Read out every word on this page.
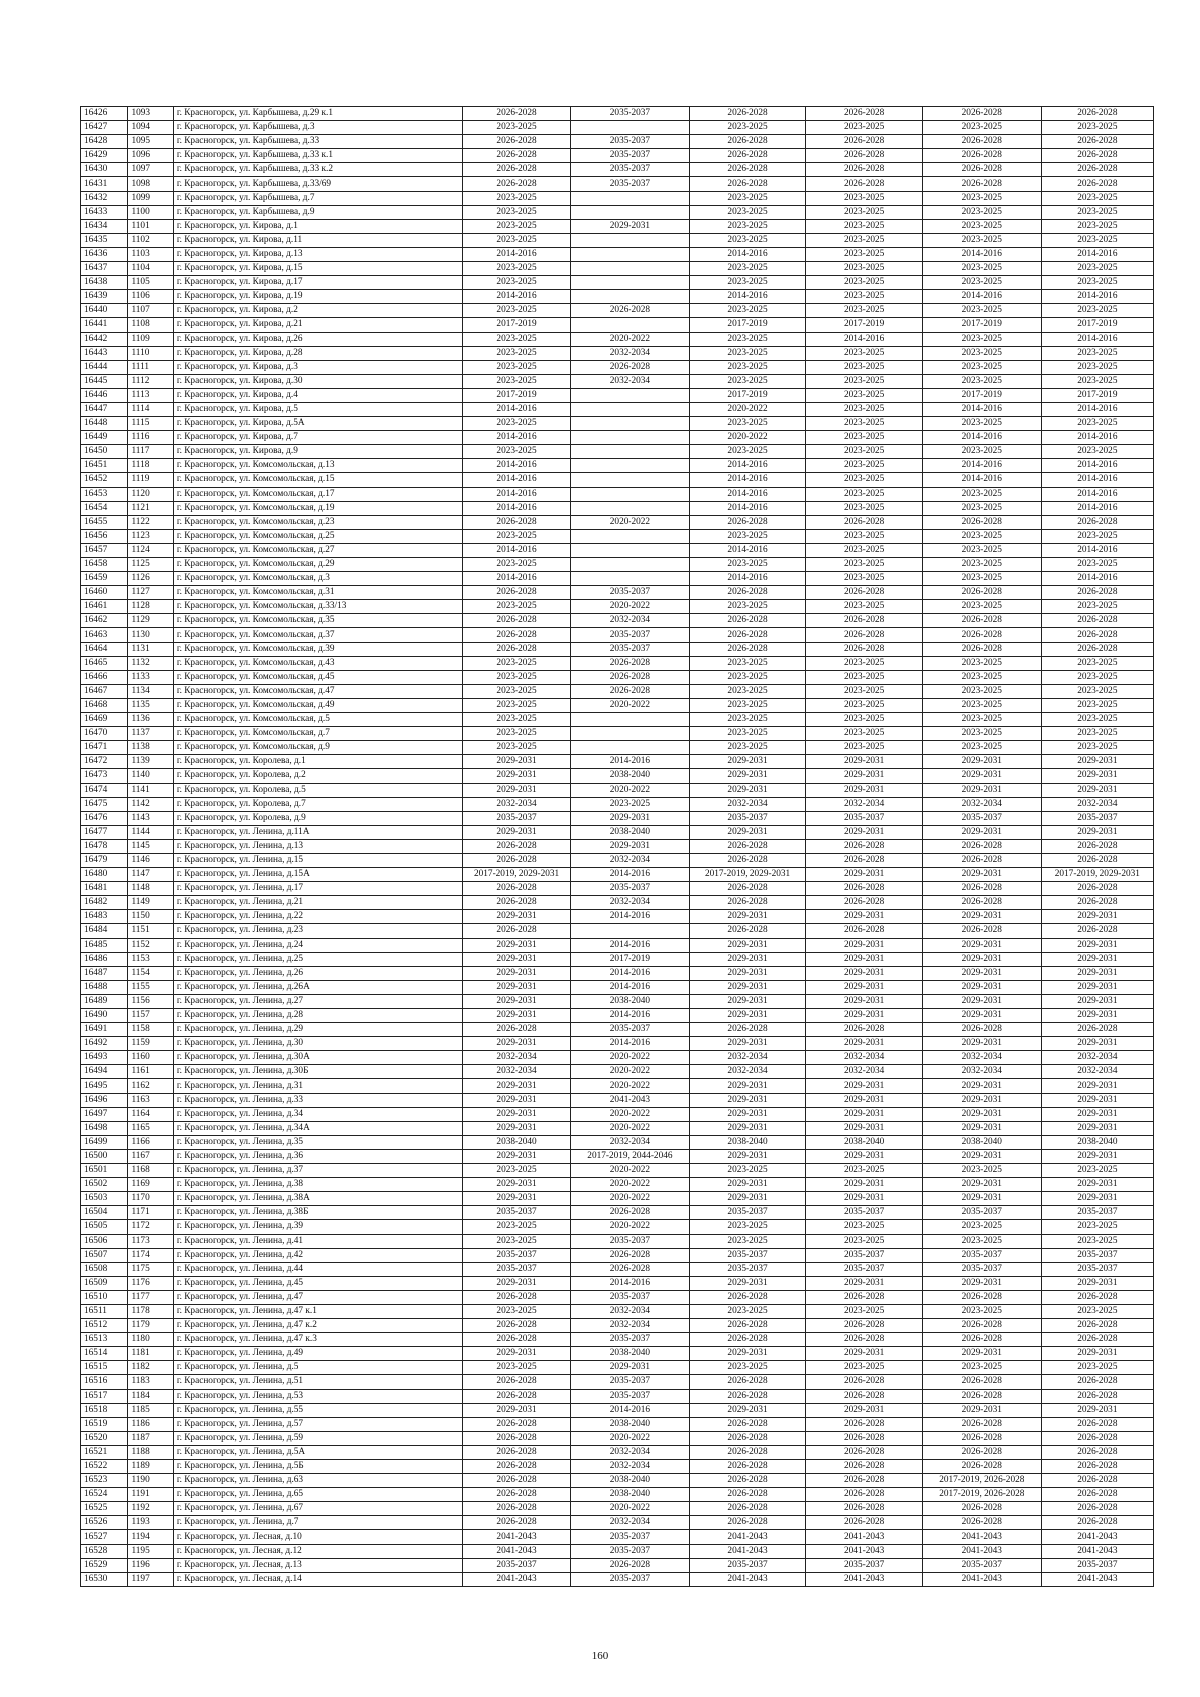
16426	1093	г. Красногорск, ул. Карбышева, д.29 к.1	2026-2028	2035-2037	2026-2028	2026-2028	2026-2028	2026-2028
16427	1094	г. Красногорск, ул. Карбышева, д.3	2023-2025		2023-2025	2023-2025	2023-2025	2023-2025
16428	1095	г. Красногорск, ул. Карбышева, д.33	2026-2028	2035-2037	2026-2028	2026-2028	2026-2028	2026-2028
16429	1096	г. Красногорск, ул. Карбышева, д.33 к.1	2026-2028	2035-2037	2026-2028	2026-2028	2026-2028	2026-2028
16430	1097	г. Красногорск, ул. Карбышева, д.33 к.2	2026-2028	2035-2037	2026-2028	2026-2028	2026-2028	2026-2028
16431	1098	г. Красногорск, ул. Карбышева, д.33/69	2026-2028	2035-2037	2026-2028	2026-2028	2026-2028	2026-2028
16432	1099	г. Красногорск, ул. Карбышева, д.7	2023-2025		2023-2025	2023-2025	2023-2025	2023-2025
16433	1100	г. Красногорск, ул. Карбышева, д.9	2023-2025		2023-2025	2023-2025	2023-2025	2023-2025
16434	1101	г. Красногорск, ул. Кирова, д.1	2023-2025	2029-2031	2023-2025	2023-2025	2023-2025	2023-2025
16435	1102	г. Красногорск, ул. Кирова, д.11	2023-2025		2023-2025	2023-2025	2023-2025	2023-2025
16436	1103	г. Красногорск, ул. Кирова, д.13	2014-2016		2014-2016	2023-2025	2014-2016	2014-2016
16437	1104	г. Красногорск, ул. Кирова, д.15	2023-2025		2023-2025	2023-2025	2023-2025	2023-2025
16438	1105	г. Красногорск, ул. Кирова, д.17	2023-2025		2023-2025	2023-2025	2023-2025	2023-2025
16439	1106	г. Красногорск, ул. Кирова, д.19	2014-2016		2014-2016	2023-2025	2014-2016	2014-2016
16440	1107	г. Красногорск, ул. Кирова, д.2	2023-2025	2026-2028	2023-2025	2023-2025	2023-2025	2023-2025
16441	1108	г. Красногорск, ул. Кирова, д.21	2017-2019		2017-2019	2017-2019	2017-2019	2017-2019
16442	1109	г. Красногорск, ул. Кирова, д.26	2023-2025	2020-2022	2023-2025	2014-2016	2023-2025	2014-2016
16443	1110	г. Красногорск, ул. Кирова, д.28	2023-2025	2032-2034	2023-2025	2023-2025	2023-2025	2023-2025
16444	1111	г. Красногорск, ул. Кирова, д.3	2023-2025	2026-2028	2023-2025	2023-2025	2023-2025	2023-2025
16445	1112	г. Красногорск, ул. Кирова, д.30	2023-2025	2032-2034	2023-2025	2023-2025	2023-2025	2023-2025
16446	1113	г. Красногорск, ул. Кирова, д.4	2017-2019		2017-2019	2023-2025	2017-2019	2017-2019
16447	1114	г. Красногорск, ул. Кирова, д.5	2014-2016		2020-2022	2023-2025	2014-2016	2014-2016
16448	1115	г. Красногорск, ул. Кирова, д.5А	2023-2025		2023-2025	2023-2025	2023-2025	2023-2025
16449	1116	г. Красногорск, ул. Кирова, д.7	2014-2016		2020-2022	2023-2025	2014-2016	2014-2016
16450	1117	г. Красногорск, ул. Кирова, д.9	2023-2025		2023-2025	2023-2025	2023-2025	2023-2025
16451	1118	г. Красногорск, ул. Комсомольская, д.13	2014-2016		2014-2016	2023-2025	2014-2016	2014-2016
16452	1119	г. Красногорск, ул. Комсомольская, д.15	2014-2016		2014-2016	2023-2025	2014-2016	2014-2016
16453	1120	г. Красногорск, ул. Комсомольская, д.17	2014-2016		2014-2016	2023-2025	2023-2025	2014-2016
16454	1121	г. Красногорск, ул. Комсомольская, д.19	2014-2016		2014-2016	2023-2025	2023-2025	2014-2016
16455	1122	г. Красногорск, ул. Комсомольская, д.23	2026-2028	2020-2022	2026-2028	2026-2028	2026-2028	2026-2028
16456	1123	г. Красногорск, ул. Комсомольская, д.25	2023-2025		2023-2025	2023-2025	2023-2025	2023-2025
16457	1124	г. Красногорск, ул. Комсомольская, д.27	2014-2016		2014-2016	2023-2025	2023-2025	2014-2016
16458	1125	г. Красногорск, ул. Комсомольская, д.29	2023-2025		2023-2025	2023-2025	2023-2025	2023-2025
16459	1126	г. Красногорск, ул. Комсомольская, д.3	2014-2016		2014-2016	2023-2025	2023-2025	2014-2016
16460	1127	г. Красногорск, ул. Комсомольская, д.31	2026-2028	2035-2037	2026-2028	2026-2028	2026-2028	2026-2028
16461	1128	г. Красногорск, ул. Комсомольская, д.33/13	2023-2025	2020-2022	2023-2025	2023-2025	2023-2025	2023-2025
16462	1129	г. Красногорск, ул. Комсомольская, д.35	2026-2028	2032-2034	2026-2028	2026-2028	2026-2028	2026-2028
16463	1130	г. Красногорск, ул. Комсомольская, д.37	2026-2028	2035-2037	2026-2028	2026-2028	2026-2028	2026-2028
16464	1131	г. Красногорск, ул. Комсомольская, д.39	2026-2028	2035-2037	2026-2028	2026-2028	2026-2028	2026-2028
16465	1132	г. Красногорск, ул. Комсомольская, д.43	2023-2025	2026-2028	2023-2025	2023-2025	2023-2025	2023-2025
16466	1133	г. Красногорск, ул. Комсомольская, д.45	2023-2025	2026-2028	2023-2025	2023-2025	2023-2025	2023-2025
16467	1134	г. Красногорск, ул. Комсомольская, д.47	2023-2025	2026-2028	2023-2025	2023-2025	2023-2025	2023-2025
16468	1135	г. Красногорск, ул. Комсомольская, д.49	2023-2025	2020-2022	2023-2025	2023-2025	2023-2025	2023-2025
16469	1136	г. Красногорск, ул. Комсомольская, д.5	2023-2025		2023-2025	2023-2025	2023-2025	2023-2025
16470	1137	г. Красногорск, ул. Комсомольская, д.7	2023-2025		2023-2025	2023-2025	2023-2025	2023-2025
16471	1138	г. Красногорск, ул. Комсомольская, д.9	2023-2025		2023-2025	2023-2025	2023-2025	2023-2025
16472	1139	г. Красногорск, ул. Королева, д.1	2029-2031	2014-2016	2029-2031	2029-2031	2029-2031	2029-2031
16473	1140	г. Красногорск, ул. Королева, д.2	2029-2031	2038-2040	2029-2031	2029-2031	2029-2031	2029-2031
16474	1141	г. Красногорск, ул. Королева, д.5	2029-2031	2020-2022	2029-2031	2029-2031	2029-2031	2029-2031
16475	1142	г. Красногорск, ул. Королева, д.7	2032-2034	2023-2025	2032-2034	2032-2034	2032-2034	2032-2034
16476	1143	г. Красногорск, ул. Королева, д.9	2035-2037	2029-2031	2035-2037	2035-2037	2035-2037	2035-2037
16477	1144	г. Красногорск, ул. Ленина, д.11А	2029-2031	2038-2040	2029-2031	2029-2031	2029-2031	2029-2031
16478	1145	г. Красногорск, ул. Ленина, д.13	2026-2028	2029-2031	2026-2028	2026-2028	2026-2028	2026-2028
16479	1146	г. Красногорск, ул. Ленина, д.15	2026-2028	2032-2034	2026-2028	2026-2028	2026-2028	2026-2028
16480	1147	г. Красногорск, ул. Ленина, д.15А	2017-2019, 2029-2031	2014-2016	2017-2019, 2029-2031	2029-2031	2029-2031	2017-2019, 2029-2031
16481	1148	г. Красногорск, ул. Ленина, д.17	2026-2028	2035-2037	2026-2028	2026-2028	2026-2028	2026-2028
16482	1149	г. Красногорск, ул. Ленина, д.21	2026-2028	2032-2034	2026-2028	2026-2028	2026-2028	2026-2028
16483	1150	г. Красногорск, ул. Ленина, д.22	2029-2031	2014-2016	2029-2031	2029-2031	2029-2031	2029-2031
16484	1151	г. Красногорск, ул. Ленина, д.23	2026-2028		2026-2028	2026-2028	2026-2028	2026-2028
16485	1152	г. Красногорск, ул. Ленина, д.24	2029-2031	2014-2016	2029-2031	2029-2031	2029-2031	2029-2031
16486	1153	г. Красногорск, ул. Ленина, д.25	2029-2031	2017-2019	2029-2031	2029-2031	2029-2031	2029-2031
16487	1154	г. Красногорск, ул. Ленина, д.26	2029-2031	2014-2016	2029-2031	2029-2031	2029-2031	2029-2031
16488	1155	г. Красногорск, ул. Ленина, д.26А	2029-2031	2014-2016	2029-2031	2029-2031	2029-2031	2029-2031
16489	1156	г. Красногорск, ул. Ленина, д.27	2029-2031	2038-2040	2029-2031	2029-2031	2029-2031	2029-2031
16490	1157	г. Красногорск, ул. Ленина, д.28	2029-2031	2014-2016	2029-2031	2029-2031	2029-2031	2029-2031
16491	1158	г. Красногорск, ул. Ленина, д.29	2026-2028	2035-2037	2026-2028	2026-2028	2026-2028	2026-2028
16492	1159	г. Красногорск, ул. Ленина, д.30	2029-2031	2014-2016	2029-2031	2029-2031	2029-2031	2029-2031
16493	1160	г. Красногорск, ул. Ленина, д.30А	2032-2034	2020-2022	2032-2034	2032-2034	2032-2034	2032-2034
16494	1161	г. Красногорск, ул. Ленина, д.30Б	2032-2034	2020-2022	2032-2034	2032-2034	2032-2034	2032-2034
16495	1162	г. Красногорск, ул. Ленина, д.31	2029-2031	2020-2022	2029-2031	2029-2031	2029-2031	2029-2031
16496	1163	г. Красногорск, ул. Ленина, д.33	2029-2031	2041-2043	2029-2031	2029-2031	2029-2031	2029-2031
16497	1164	г. Красногорск, ул. Ленина, д.34	2029-2031	2020-2022	2029-2031	2029-2031	2029-2031	2029-2031
16498	1165	г. Красногорск, ул. Ленина, д.34А	2029-2031	2020-2022	2029-2031	2029-2031	2029-2031	2029-2031
16499	1166	г. Красногорск, ул. Ленина, д.35	2038-2040	2032-2034	2038-2040	2038-2040	2038-2040	2038-2040
16500	1167	г. Красногорск, ул. Ленина, д.36	2029-2031	2017-2019, 2044-2046	2029-2031	2029-2031	2029-2031	2029-2031
16501	1168	г. Красногорск, ул. Ленина, д.37	2023-2025	2020-2022	2023-2025	2023-2025	2023-2025	2023-2025
16502	1169	г. Красногорск, ул. Ленина, д.38	2029-2031	2020-2022	2029-2031	2029-2031	2029-2031	2029-2031
16503	1170	г. Красногорск, ул. Ленина, д.38А	2029-2031	2020-2022	2029-2031	2029-2031	2029-2031	2029-2031
16504	1171	г. Красногорск, ул. Ленина, д.38Б	2035-2037	2026-2028	2035-2037	2035-2037	2035-2037	2035-2037
16505	1172	г. Красногорск, ул. Ленина, д.39	2023-2025	2020-2022	2023-2025	2023-2025	2023-2025	2023-2025
16506	1173	г. Красногорск, ул. Ленина, д.41	2023-2025	2035-2037	2023-2025	2023-2025	2023-2025	2023-2025
16507	1174	г. Красногорск, ул. Ленина, д.42	2035-2037	2026-2028	2035-2037	2035-2037	2035-2037	2035-2037
16508	1175	г. Красногорск, ул. Ленина, д.44	2035-2037	2026-2028	2035-2037	2035-2037	2035-2037	2035-2037
16509	1176	г. Красногорск, ул. Ленина, д.45	2029-2031	2014-2016	2029-2031	2029-2031	2029-2031	2029-2031
16510	1177	г. Красногорск, ул. Ленина, д.47	2026-2028	2035-2037	2026-2028	2026-2028	2026-2028	2026-2028
16511	1178	г. Красногорск, ул. Ленина, д.47 к.1	2023-2025	2032-2034	2023-2025	2023-2025	2023-2025	2023-2025
16512	1179	г. Красногорск, ул. Ленина, д.47 к.2	2026-2028	2032-2034	2026-2028	2026-2028	2026-2028	2026-2028
16513	1180	г. Красногорск, ул. Ленина, д.47 к.3	2026-2028	2035-2037	2026-2028	2026-2028	2026-2028	2026-2028
16514	1181	г. Красногорск, ул. Ленина, д.49	2029-2031	2038-2040	2029-2031	2029-2031	2029-2031	2029-2031
16515	1182	г. Красногорск, ул. Ленина, д.5	2023-2025	2029-2031	2023-2025	2023-2025	2023-2025	2023-2025
16516	1183	г. Красногорск, ул. Ленина, д.51	2026-2028	2035-2037	2026-2028	2026-2028	2026-2028	2026-2028
16517	1184	г. Красногорск, ул. Ленина, д.53	2026-2028	2035-2037	2026-2028	2026-2028	2026-2028	2026-2028
16518	1185	г. Красногорск, ул. Ленина, д.55	2029-2031	2014-2016	2029-2031	2029-2031	2029-2031	2029-2031
16519	1186	г. Красногорск, ул. Ленина, д.57	2026-2028	2038-2040	2026-2028	2026-2028	2026-2028	2026-2028
16520	1187	г. Красногорск, ул. Ленина, д.59	2026-2028	2020-2022	2026-2028	2026-2028	2026-2028	2026-2028
16521	1188	г. Красногорск, ул. Ленина, д.5А	2026-2028	2032-2034	2026-2028	2026-2028	2026-2028	2026-2028
16522	1189	г. Красногорск, ул. Ленина, д.5Б	2026-2028	2032-2034	2026-2028	2026-2028	2026-2028	2026-2028
16523	1190	г. Красногорск, ул. Ленина, д.63	2026-2028	2038-2040	2026-2028	2026-2028	2017-2019, 2026-2028	2026-2028
16524	1191	г. Красногорск, ул. Ленина, д.65	2026-2028	2038-2040	2026-2028	2026-2028	2017-2019, 2026-2028	2026-2028
16525	1192	г. Красногорск, ул. Ленина, д.67	2026-2028	2020-2022	2026-2028	2026-2028	2026-2028	2026-2028
16526	1193	г. Красногорск, ул. Ленина, д.7	2026-2028	2032-2034	2026-2028	2026-2028	2026-2028	2026-2028
16527	1194	г. Красногорск, ул. Лесная, д.10	2041-2043	2035-2037	2041-2043	2041-2043	2041-2043	2041-2043
16528	1195	г. Красногорск, ул. Лесная, д.12	2041-2043	2035-2037	2041-2043	2041-2043	2041-2043	2041-2043
16529	1196	г. Красногорск, ул. Лесная, д.13	2035-2037	2026-2028	2035-2037	2035-2037	2035-2037	2035-2037
16530	1197	г. Красногорск, ул. Лесная, д.14	2041-2043	2035-2037	2041-2043	2041-2043	2041-2043	2041-2043
160
